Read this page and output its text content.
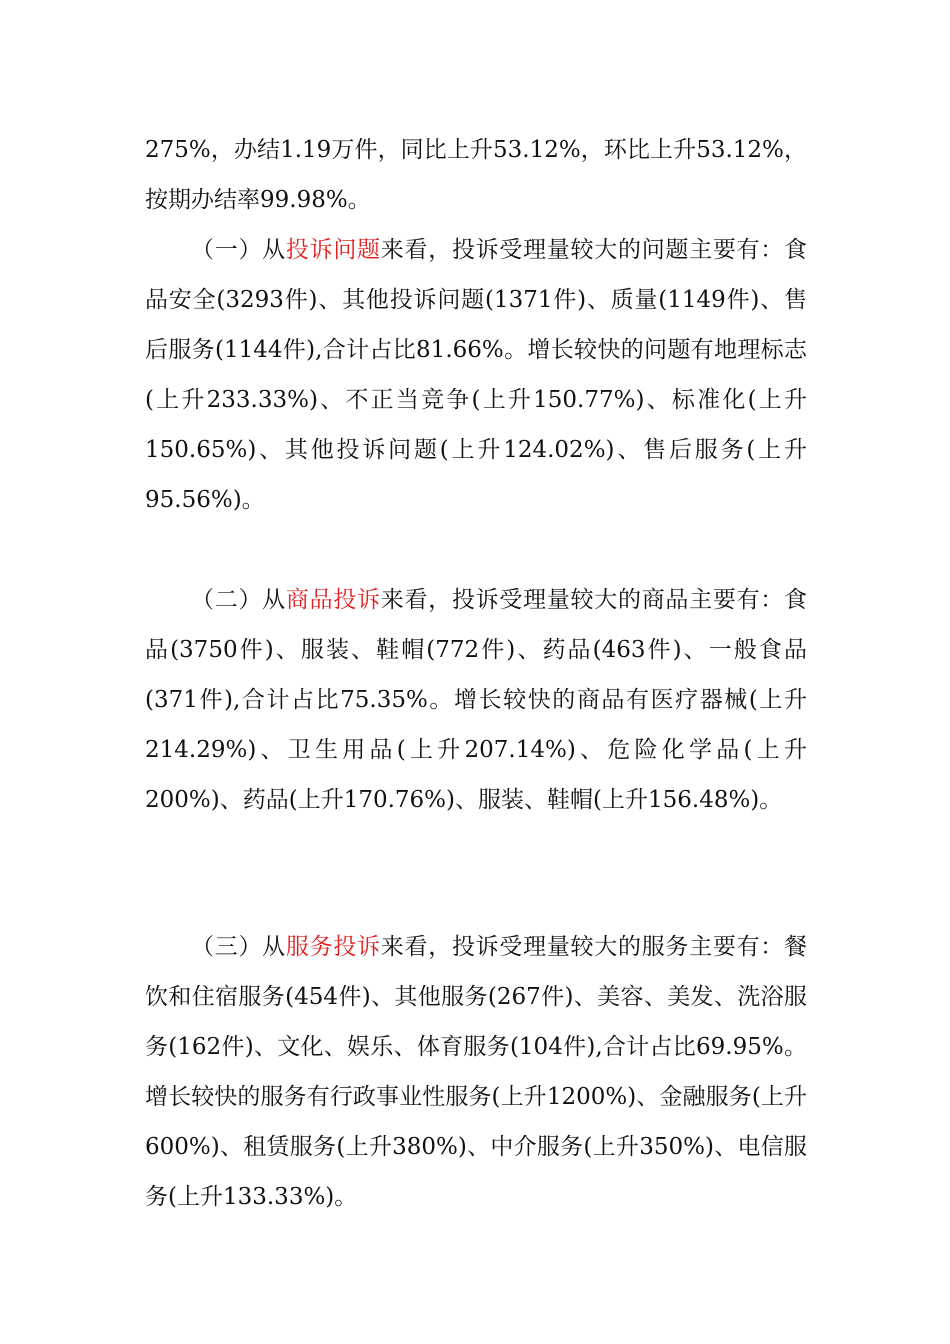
275%，办结1.19万件，同比上升53.12%，环比上升53.12%，按期办结率99.98%。

（一）从投诉问题来看，投诉受理量较大的问题主要有：食品安全(3293件)、其他投诉问题(1371件)、质量(1149件)、售后服务(1144件),合计占比81.66%。增长较快的问题有地理标志(上升233.33%)、不正当竞争(上升150.77%)、标准化(上升150.65%)、其他投诉问题(上升124.02%)、售后服务(上升95.56%)。

（二）从商品投诉来看，投诉受理量较大的商品主要有：食品(3750件)、服装、鞋帽(772件)、药品(463件)、一般食品(371件),合计占比75.35%。增长较快的商品有医疗器械(上升214.29%)、卫生用品(上升207.14%)、危险化学品(上升200%)、药品(上升170.76%)、服装、鞋帽(上升156.48%)。

（三）从服务投诉来看，投诉受理量较大的服务主要有：餐饮和住宿服务(454件)、其他服务(267件)、美容、美发、洗浴服务(162件)、文化、娱乐、体育服务(104件),合计占比69.95%。增长较快的服务有行政事业性服务(上升1200%)、金融服务(上升600%)、租赁服务(上升380%)、中介服务(上升350%)、电信服务(上升133.33%)。
